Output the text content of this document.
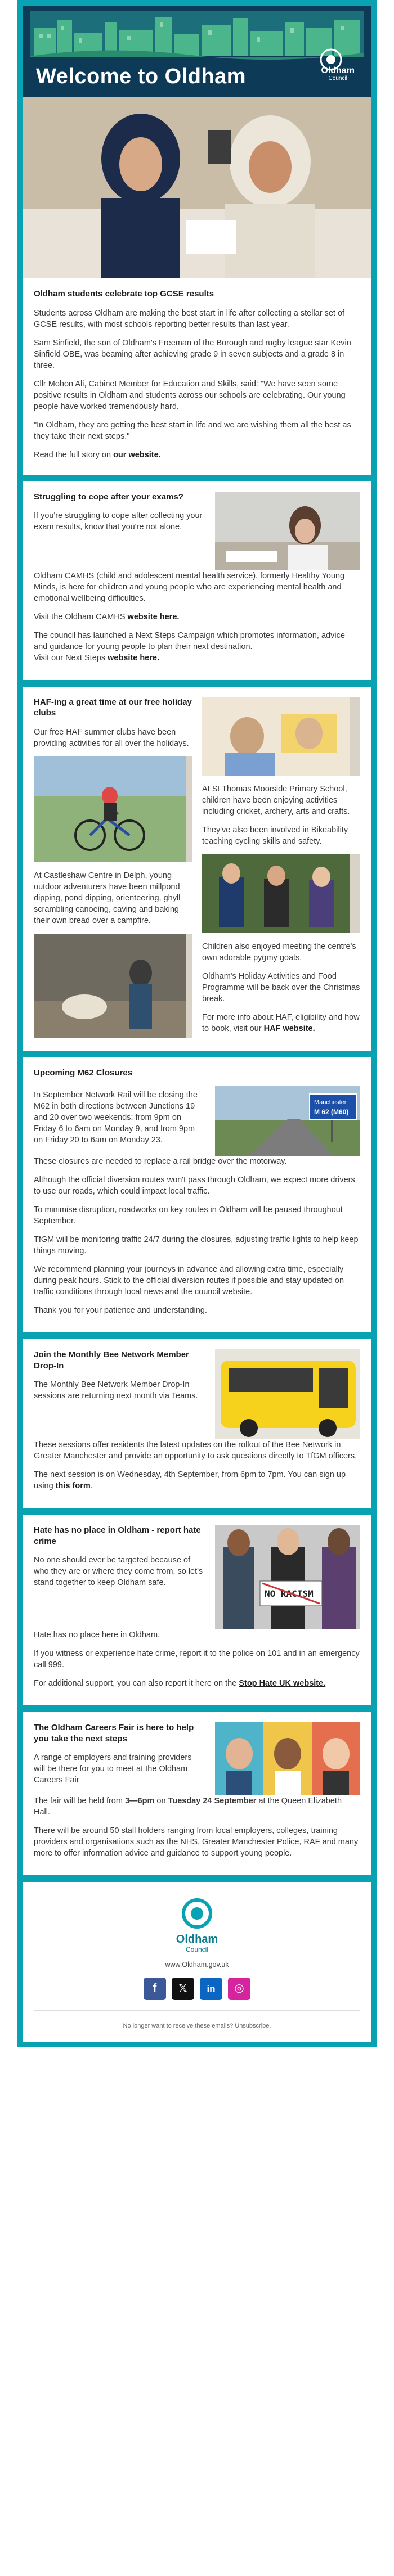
Welcome to Oldham	Oldham
Council
Oldham students celebrate top GCSE results

Students across Oldham are making the best start in life after collecting a stellar set of GCSE results, with most schools reporting better results than last year.

Sam Sinfield, the son of Oldham's Freeman of the Borough and rugby league star Kevin Sinfield OBE, was beaming after achieving grade 9 in seven subjects and a grade 8 in three.

Cllr Mohon Ali, Cabinet Member for Education and Skills, said: "We have seen some positive results in Oldham and students across our schools are celebrating. Our young people have worked tremendously hard.

"In Oldham, they are getting the best start in life and we are wishing them all the best as they take their next steps."

Read the full story on our website.

Struggling to cope after your exams?

If you're struggling to cope after collecting your exam results, know that you're not alone.

Oldham CAMHS (child and adolescent mental health service), formerly Healthy Young Minds, is here for children and young people who are experiencing mental health and emotional wellbeing difficulties.

Visit the Oldham CAMHS website here.

The council has launched a Next Steps Campaign which promotes information, advice and guidance for young people to plan their next destination.
Visit our Next Steps website here.

HAF-ing a great time at our free holiday clubs

Our free HAF summer clubs have been providing activities for all over the holidays.

At Castleshaw Centre in Delph, young outdoor adventurers have been millpond dipping, pond dipping, orienteering, ghyll scrambling canoeing, caving and baking their own bread over a campfire.

At St Thomas Moorside Primary School, children have been enjoying activities including cricket, archery, arts and crafts.

They've also been involved in Bikeability teaching cycling skills and safety.

Children also enjoyed meeting the centre's own adorable pygmy goats.

Oldham's Holiday Activities and Food Programme will be back over the Christmas break.

For more info about HAF, eligibility and how to book, visit our HAF website.

Upcoming M62 Closures

In September Network Rail will be closing the M62 in both directions between Junctions 19 and 20 over two weekends: from 9pm on Friday 6 to 6am on Monday 9, and from 9pm on Friday 20 to 6am on Monday 23.

Manchester
M 62 (M60)

These closures are needed to replace a rail bridge over the motorway.

Although the official diversion routes won't pass through Oldham, we expect more drivers to use our roads, which could impact local traffic.

To minimise disruption, roadworks on key routes in Oldham will be paused throughout September.

TfGM will be monitoring traffic 24/7 during the closures, adjusting traffic lights to help keep things moving.

We recommend planning your journeys in advance and allowing extra time, especially during peak hours. Stick to the official diversion routes if possible and stay updated on traffic conditions through local news and the council website.

Thank you for your patience and understanding.

Join the Monthly Bee Network Member Drop-In

The Monthly Bee Network Member Drop-In sessions are returning next month via Teams.

These sessions offer residents the latest updates on the rollout of the Bee Network in Greater Manchester and provide an opportunity to ask questions directly to TfGM officers.

The next session is on Wednesday, 4th September, from 6pm to 7pm. You can sign up using this form.

Hate has no place in Oldham - report hate crime

No one should ever be targeted because of who they are or where they come from, so let's stand together to keep Oldham safe.

NO RACISM

Hate has no place here in Oldham.

If you witness or experience hate crime, report it to the police on 101 and in an emergency call 999.

For additional support, you can also report it here on the Stop Hate UK website.

The Oldham Careers Fair is here to help you take the next steps

A range of employers and training providers will be there for you to meet at the Oldham Careers Fair

The fair will be held from 3—6pm on Tuesday 24 September at the Queen Elizabeth Hall.

There will be around 50 stall holders ranging from local employers, colleges, training providers and organisations such as the NHS, Greater Manchester Police, RAF and many more to offer information advice and guidance to support young people.

Oldham
Council
www.Oldham.gov.uk
f	𝕏	in	◎
No longer want to receive these emails? Unsubscribe.
